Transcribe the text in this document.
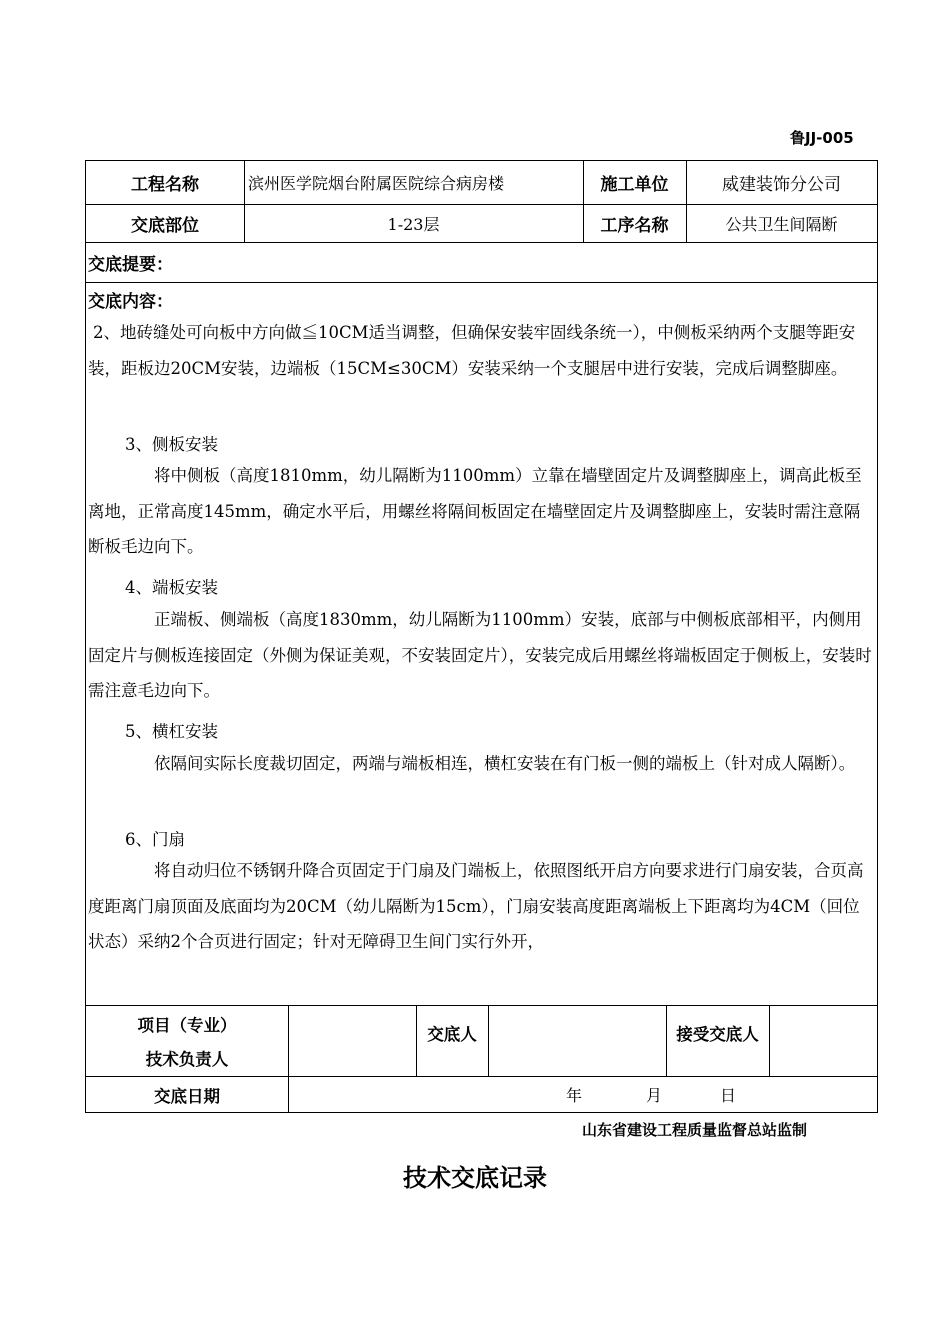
鲁JJ-005
工程名称	滨州医学院烟台附属医院综合病房楼	施工单位	威建装饰分公司
交底部位	1-23层	工序名称	公共卫生间隔断
交底提要：
交底内容：
2、地砖缝处可向板中方向做≦10CM适当调整，但确保安装牢固线条统一），中侧板采纳两个支腿等距安装，距板边20CM安装，边端板（15CM≤30CM）安装采纳一个支腿居中进行安装，完成后调整脚座。
3、侧板安装
将中侧板（高度1810mm，幼儿隔断为1100mm）立靠在墙壁固定片及调整脚座上，调高此板至离地，正常高度145mm，确定水平后，用螺丝将隔间板固定在墙壁固定片及调整脚座上，安装时需注意隔断板毛边向下。
4、端板安装
正端板、侧端板（高度1830mm，幼儿隔断为1100mm）安装，底部与中侧板底部相平，内侧用固定片与侧板连接固定（外侧为保证美观，不安装固定片），安装完成后用螺丝将端板固定于侧板上，安装时需注意毛边向下。
5、横杠安装
依隔间实际长度裁切固定，两端与端板相连，横杠安装在有门板一侧的端板上（针对成人隔断）。
6、门扇
将自动归位不锈钢升降合页固定于门扇及门端板上，依照图纸开启方向要求进行门扇安装，合页高度距离门扇顶面及底面均为20CM（幼儿隔断为15cm），门扇安装高度距离端板上下距离均为4CM（回位状态）采纳2个合页进行固定；针对无障碍卫生间门实行外开，
项目（专业）
技术负责人
交底人	接受交底人
交底日期	年	月	日
山东省建设工程质量监督总站监制
技术交底记录
